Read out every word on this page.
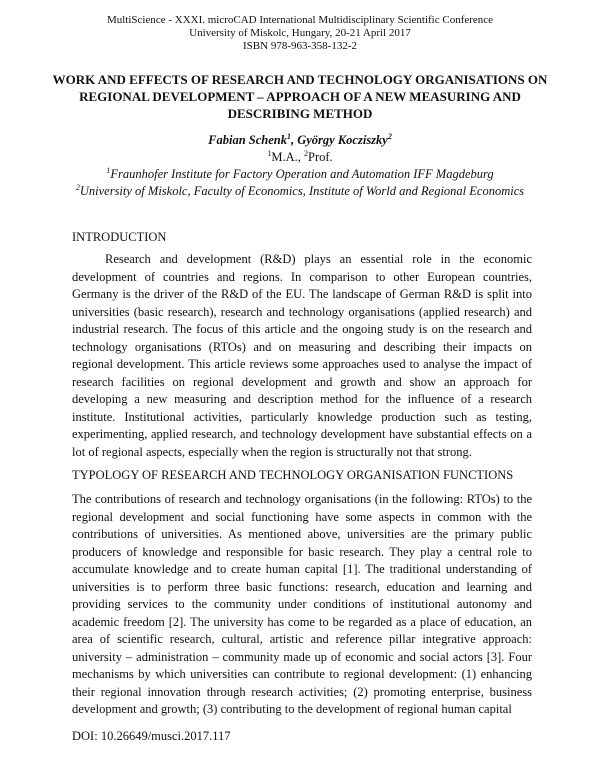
MultiScience - XXXI. microCAD International Multidisciplinary Scientific Conference
University of Miskolc, Hungary, 20-21 April 2017
ISBN 978-963-358-132-2
WORK AND EFFECTS OF RESEARCH AND TECHNOLOGY ORGANISATIONS ON REGIONAL DEVELOPMENT – APPROACH OF A NEW MEASURING AND DESCRIBING METHOD
Fabian Schenk$^1$, György Kocziszky$^2$
$^1$M.A., $^2$Prof.
$^1$Fraunhofer Institute for Factory Operation and Automation IFF Magdeburg
$^2$University of Miskolc, Faculty of Economics, Institute of World and Regional Economics
INTRODUCTION
Research and development (R&D) plays an essential role in the economic development of countries and regions. In comparison to other European countries, Germany is the driver of the R&D of the EU. The landscape of German R&D is split into universities (basic research), research and technology organisations (applied research) and industrial research. The focus of this article and the ongoing study is on the research and technology organisations (RTOs) and on measuring and describing their impacts on regional development. This article reviews some approaches used to analyse the impact of research facilities on regional development and growth and show an approach for developing a new measuring and description method for the influence of a research institute. Institutional activities, particularly knowledge production such as testing, experimenting, applied research, and technology development have substantial effects on a lot of regional aspects, especially when the region is structurally not that strong.
TYPOLOGY OF RESEARCH AND TECHNOLOGY ORGANISATION FUNCTIONS
The contributions of research and technology organisations (in the following: RTOs) to the regional development and social functioning have some aspects in common with the contributions of universities. As mentioned above, universities are the primary public producers of knowledge and responsible for basic research. They play a central role to accumulate knowledge and to create human capital [1]. The traditional understanding of universities is to perform three basic functions: research, education and learning and providing services to the community under conditions of institutional autonomy and academic freedom [2]. The university has come to be regarded as a place of education, an area of scientific research, cultural, artistic and reference pillar integrative approach: university – administration – community made up of economic and social actors [3]. Four mechanisms by which universities can contribute to regional development: (1) enhancing their regional innovation through research activities; (2) promoting enterprise, business development and growth; (3) contributing to the development of regional human capital
DOI: 10.26649/musci.2017.117
